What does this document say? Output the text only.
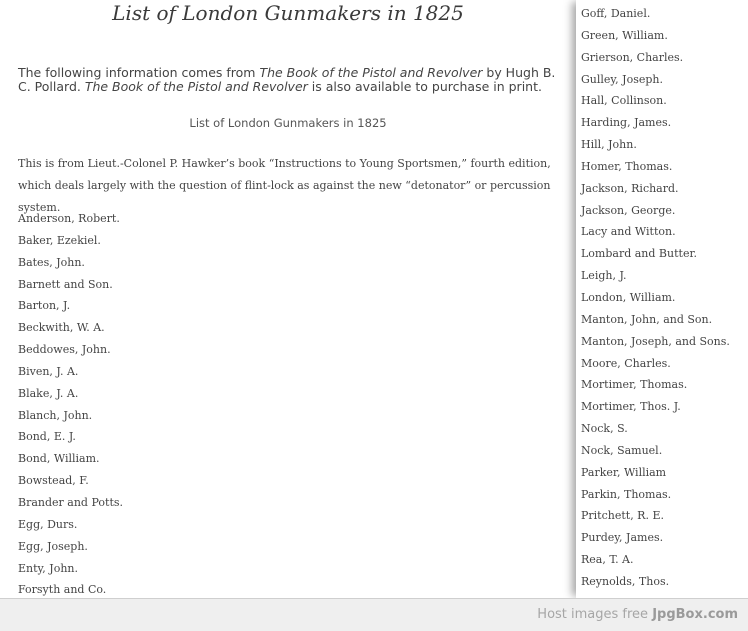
List of London Gunmakers in 1825
The following information comes from The Book of the Pistol and Revolver by Hugh B. C. Pollard. The Book of the Pistol and Revolver is also available to purchase in print.
List of London Gunmakers in 1825
This is from Lieut.-Colonel P. Hawker’s book “Instructions to Young Sportsmen,” fourth edition, which deals largely with the question of flint-lock as against the new “detonator” or percussion system.
Anderson, Robert.
Baker, Ezekiel.
Bates, John.
Barnett and Son.
Barton, J.
Beckwith, W. A.
Beddowes, John.
Biven, J. A.
Blake, J. A.
Blanch, John.
Bond, E. J.
Bond, William.
Bowstead, F.
Brander and Potts.
Egg, Durs.
Egg, Joseph.
Enty, John.
Forsyth and Co.
Goff, Daniel.
Green, William.
Grierson, Charles.
Gulley, Joseph.
Hall, Collinson.
Harding, James.
Hill, John.
Homer, Thomas.
Jackson, Richard.
Jackson, George.
Lacy and Witton.
Lombard and Butter.
Leigh, J.
London, William.
Manton, John, and Son.
Manton, Joseph, and Sons.
Moore, Charles.
Mortimer, Thomas.
Mortimer, Thos. J.
Nock, S.
Nock, Samuel.
Parker, William
Parkin, Thomas.
Pritchett, R. E.
Purdey, James.
Rea, T. A.
Reynolds, Thos.
Host images free JpgBox.com
